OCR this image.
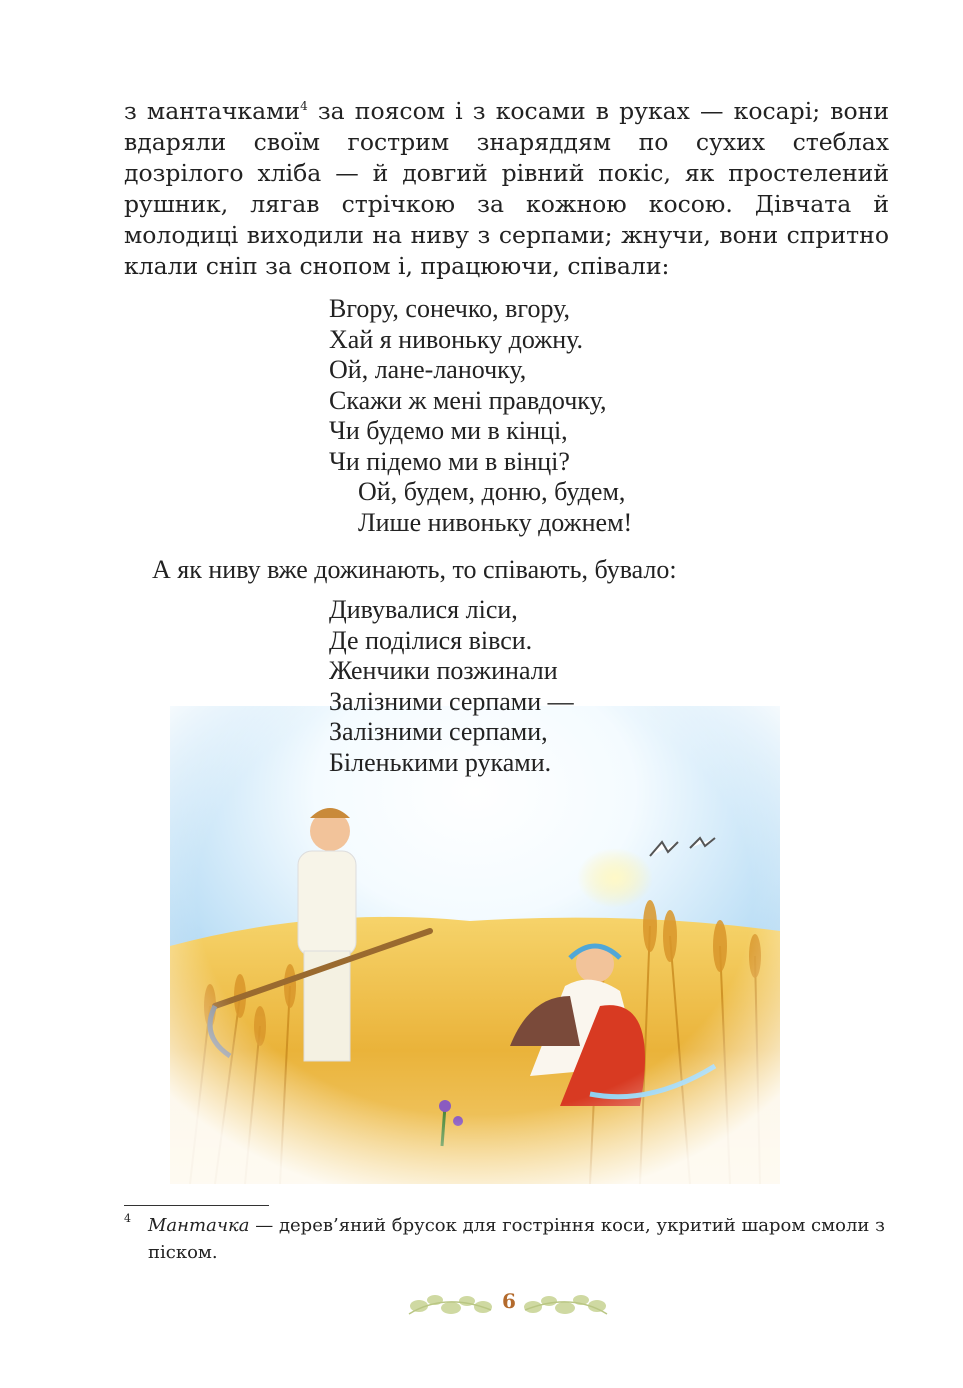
з мантачками$^4$ за поясом і з косами в руках — косарі; вони вдаряли своїм гострим знаряддям по сухих стеблах дозрілого хліба — й довгий рівний покіс, як простелений рушник, лягав стрічкою за кожною косою. Дівчата й молодиці виходили на ниву з серпами; жнучи, вони спритно клали сніп за снопом і, працюючи, співали:

Вгору, сонечко, вгору,
Хай я нивоньку дожну.
Ой, лане-ланочку,
Скажи ж мені правдочку,
Чи будемо ми в кінці,
Чи підемо ми в вінці?
Ой, будем, доню, будем,
Лише нивоньку дожнем!
А як ниву вже дожинають, то співають, бувало:
Дивувалися ліси,
Де поділися вівси.
Женчики позжинали
Залізними серпами —
Залізними серпами,
Біленькими руками.
4 Мантачка — дерев’яний брусок для гостріння коси, укритий шаром смоли з піском.
6
